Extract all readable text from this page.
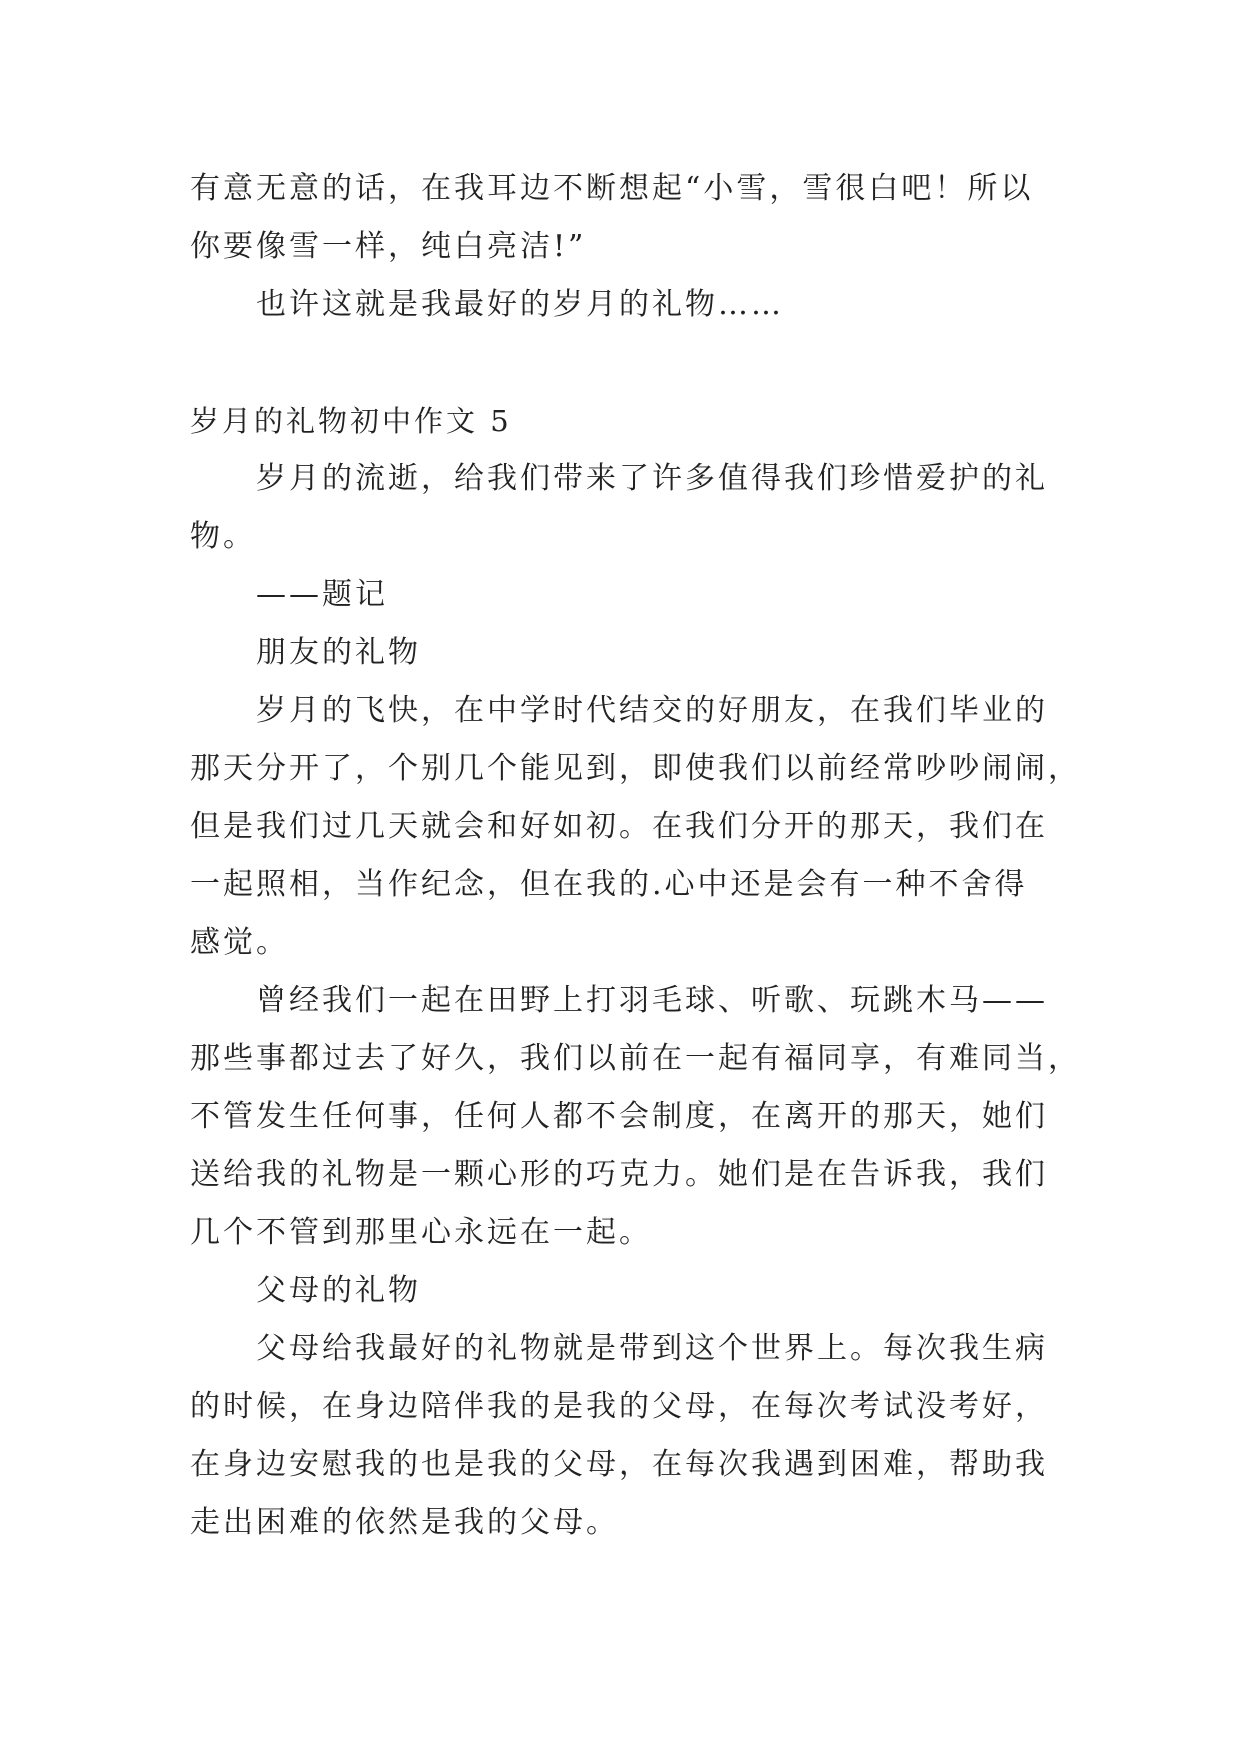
有意无意的话，在我耳边不断想起“小雪，雪很白吧！所以
你要像雪一样，纯白亮洁!”

也许这就是我最好的岁月的礼物……

岁月的礼物初中作文 5

岁月的流逝，给我们带来了许多值得我们珍惜爱护的礼
物。

——题记

朋友的礼物

岁月的飞快，在中学时代结交的好朋友，在我们毕业的
那天分开了，个别几个能见到，即使我们以前经常吵吵闹闹，
但是我们过几天就会和好如初。在我们分开的那天，我们在
一起照相，当作纪念，但在我的.心中还是会有一种不舍得
感觉。

曾经我们一起在田野上打羽毛球、听歌、玩跳木马——
那些事都过去了好久，我们以前在一起有福同享，有难同当，
不管发生任何事，任何人都不会制度，在离开的那天，她们
送给我的礼物是一颗心形的巧克力。她们是在告诉我，我们
几个不管到那里心永远在一起。

父母的礼物

父母给我最好的礼物就是带到这个世界上。每次我生病
的时候，在身边陪伴我的是我的父母，在每次考试没考好，
在身边安慰我的也是我的父母，在每次我遇到困难，帮助我
走出困难的依然是我的父母。
